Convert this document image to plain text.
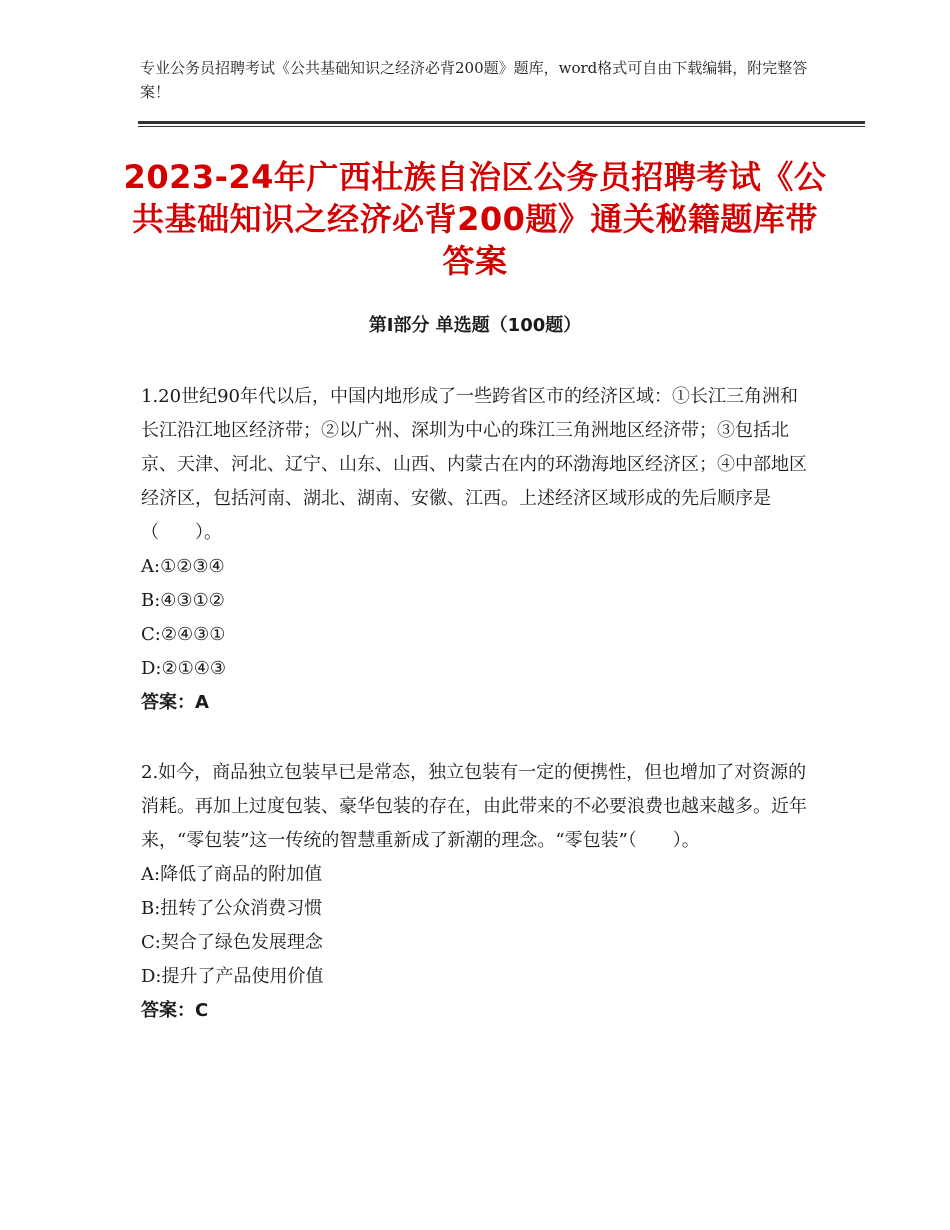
专业公务员招聘考试《公共基础知识之经济必背200题》题库，word格式可自由下载编辑，附完整答案！
2023-24年广西壮族自治区公务员招聘考试《公共基础知识之经济必背200题》通关秘籍题库带答案
第Ⅰ部分 单选题（100题）

1.20世纪90年代以后，中国内地形成了一些跨省区市的经济区域：①长江三角洲和长江沿江地区经济带；②以广州、深圳为中心的珠江三角洲地区经济带；③包括北京、天津、河北、辽宁、山东、山西、内蒙古在内的环渤海地区经济区；④中部地区经济区，包括河南、湖北、湖南、安徽、江西。上述经济区域形成的先后顺序是（　　）。

A:①②③④

B:④③①②

C:②④③①

D:②①④③

答案：A

2.如今，商品独立包装早已是常态，独立包装有一定的便携性，但也增加了对资源的消耗。再加上过度包装、豪华包装的存在，由此带来的不必要浪费也越来越多。近年来，“零包装”这一传统的智慧重新成了新潮的理念。“零包装”（　　）。

A:降低了商品的附加值

B:扭转了公众消费习惯

C:契合了绿色发展理念

D:提升了产品使用价值

答案：C
